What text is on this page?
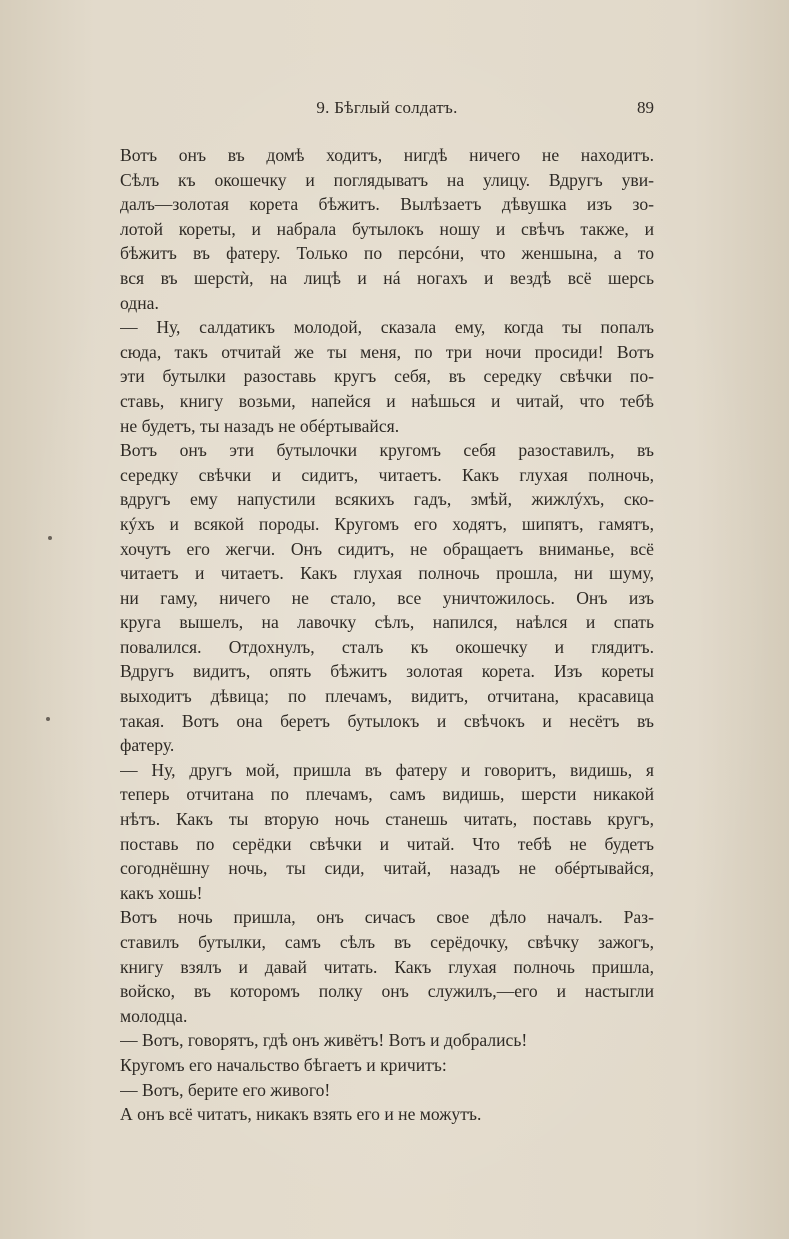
9. Бѣглый солдатъ.	89
Вотъ онъ въ домѣ ходитъ, нигдѣ ничего не находитъ.
Сѣлъ къ окошечку и поглядыватъ на улицу. Вдругъ уви-
далъ—золотая корета бѣжитъ. Вылѣзаетъ дѣвушка изъ зо-
лотой кореты, и набрала бутылокъ ношу и свѣчъ также, и
бѣжитъ въ фатеру. Только по персóни, что женшына, а то
вся въ шерстѝ, на лицѣ и нá ногахъ и вездѣ всё шерсь
одна.
— Ну, салдатикъ молодой, сказала ему, когда ты попалъ
сюда, такъ отчитай же ты меня, по три ночи просиди! Вотъ
эти бутылки разоставь кругъ себя, въ середку свѣчки по-
ставь, книгу возьми, напейся и наѣшься и читай, что тебѣ
не будетъ, ты назадъ не обéртывайся.
Вотъ онъ эти бутылочки кругомъ себя разоставилъ, въ
середку свѣчки и сидитъ, читаетъ. Какъ глухая полночь,
вдругъ ему напустили всякихъ гадъ, змѣй, жижлýхъ, ско-
кýхъ и всякой породы. Кругомъ его ходятъ, шипятъ, гамятъ,
хочутъ его жегчи. Онъ сидитъ, не обращаетъ вниманье, всё
читаетъ и читаетъ. Какъ глухая полночь прошла, ни шуму,
ни гаму, ничего не стало, все уничтожилось. Онъ изъ
круга вышелъ, на лавочку сѣлъ, напился, наѣлся и спать
повалился. Отдохнулъ, сталъ къ окошечку и глядитъ.
Вдругъ видитъ, опять бѣжитъ золотая корета. Изъ кореты
выходитъ дѣвица; по плечамъ, видитъ, отчитана, красавица
такая. Вотъ она беретъ бутылокъ и свѣчокъ и несётъ въ
фатеру.
— Ну, другъ мой, пришла въ фатеру и говоритъ, видишь, я
теперь отчитана по плечамъ, самъ видишь, шерсти никакой
нѣтъ. Какъ ты вторую ночь станешь читать, поставь кругъ,
поставь по серёдки свѣчки и читай. Что тебѣ не будетъ
согоднёшну ночь, ты сиди, читай, назадъ не обéртывайся,
какъ хошь!
Вотъ ночь пришла, онъ сичасъ свое дѣло началъ. Раз-
ставилъ бутылки, самъ сѣлъ въ серёдочку, свѣчку зажогъ,
книгу взялъ и давай читать. Какъ глухая полночь пришла,
войско, въ которомъ полку онъ служилъ,—его и настыгли
молодца.
— Вотъ, говорятъ, гдѣ онъ живётъ! Вотъ и добрались!
Кругомъ его начальство бѣгаетъ и кричитъ:
— Вотъ, берите его живого!
А онъ всё читатъ, никакъ взять его и не можутъ.
